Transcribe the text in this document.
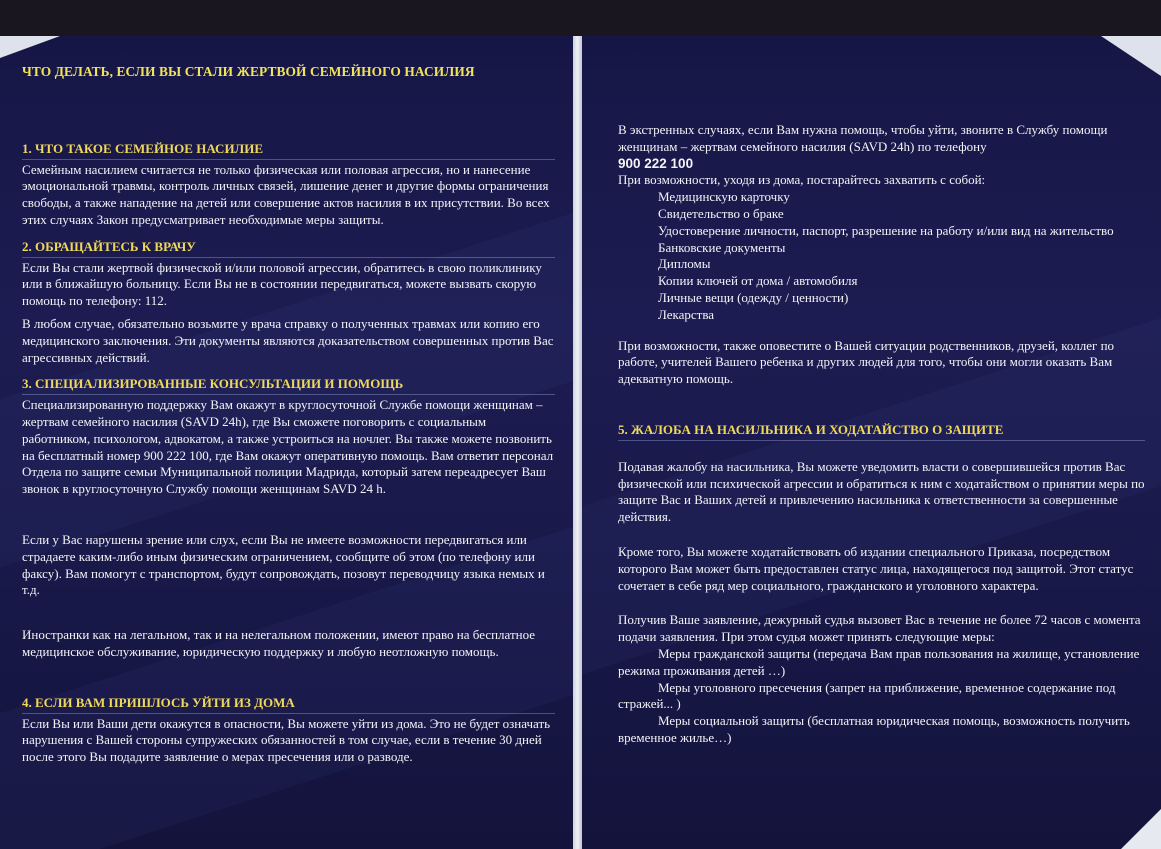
ЧТО ДЕЛАТЬ, ЕСЛИ ВЫ СТАЛИ ЖЕРТВОЙ СЕМЕЙНОГО НАСИЛИЯ
1. ЧТО ТАКОЕ СЕМЕЙНОЕ НАСИЛИЕ

Семейным насилием считается не только физическая или половая агрессия, но и нанесение эмоциональной травмы, контроль личных связей, лишение денег и другие формы ограничения свободы, а также нападение на детей или совершение актов насилия в их присутствии. Во всех этих случаях Закон предусматривает необходимые меры защиты.

2. ОБРАЩАЙТЕСЬ К ВРАЧУ

Если Вы стали жертвой физической и/или половой агрессии, обратитесь в свою поликлинику или в ближайшую больницу. Если Вы не в состоянии передвигаться, можете вызвать скорую помощь по телефону: 112.

В любом случае, обязательно возьмите у врача справку о полученных травмах или копию его медицинского заключения. Эти документы являются доказательством совершенных против Вас агрессивных действий.

3. СПЕЦИАЛИЗИРОВАННЫЕ КОНСУЛЬТАЦИИ И ПОМОЩЬ

Специализированную поддержку Вам окажут в круглосуточной Службе помощи женщинам – жертвам семейного насилия (SAVD 24h), где Вы сможете поговорить с социальным работником, психологом, адвокатом, а также устроиться на ночлег. Вы также можете позвонить на бесплатный номер 900 222 100, где Вам окажут оперативную помощь. Вам ответит персонал Отдела по защите семьи Муниципальной полиции Мадрида, который затем переадресует Ваш звонок в круглосуточную Службу помощи женщинам SAVD 24 h.

Если у Вас нарушены зрение или слух, если Вы не имеете возможности передвигаться или страдаете каким-либо иным физическим ограничением, сообщите об этом (по телефону или факсу). Вам помогут с транспортом, будут сопровождать, позовут переводчицу языка немых и т.д.

Иностранки как на легальном, так и на нелегальном положении, имеют право на бесплатное медицинское обслуживание, юридическую поддержку и любую неотложную помощь.

4. ЕСЛИ ВАМ ПРИШЛОСЬ УЙТИ ИЗ ДОМА

Если Вы или Ваши дети окажутся в опасности, Вы можете уйти из дома. Это не будет означать нарушения с Вашей стороны супружеских обязанностей в том случае, если в течение 30 дней после этого Вы подадите заявление о мерах пресечения или о разводе.

В экстренных случаях, если Вам нужна помощь, чтобы уйти, звоните в Службу помощи женщинам – жертвам семейного насилия (SAVD 24h) по телефону

900 222 100

При возможности, уходя из дома, постарайтесь захватить с собой:

Медицинскую карточку
Свидетельство о браке
Удостоверение личности, паспорт, разрешение на работу и/или вид на жительство
Банковские документы
Дипломы
Копии ключей от дома / автомобиля
Личные вещи (одежду / ценности)
Лекарства

При возможности, также оповестите о Вашей ситуации родственников, друзей, коллег по работе, учителей Вашего ребенка и других людей для того, чтобы они могли оказать Вам адекватную помощь.

5. ЖАЛОБА НА НАСИЛЬНИКА И ХОДАТАЙСТВО О ЗАЩИТЕ

Подавая жалобу на насильника, Вы можете уведомить власти о совершившейся против Вас физической или психической агрессии и обратиться к ним с ходатайством о принятии меры по защите Вас и Ваших детей и привлечению насильника к ответственности за совершенные действия.

Кроме того, Вы можете ходатайствовать об издании специального Приказа, посредством которого Вам может быть предоставлен статус лица, находящегося под защитой. Этот статус сочетает в себе ряд мер социального, гражданского и уголовного характера.

Получив Ваше заявление, дежурный судья вызовет Вас в течение не более 72 часов с момента подачи заявления. При этом судья может принять следующие меры:

Меры гражданской защиты (передача Вам прав пользования на жилище, установление режима проживания детей …)

Меры уголовного пресечения (запрет на приближение, временное содержание под стражей... )

Меры социальной защиты (бесплатная юридическая помощь, возможность получить временное жилье…)
